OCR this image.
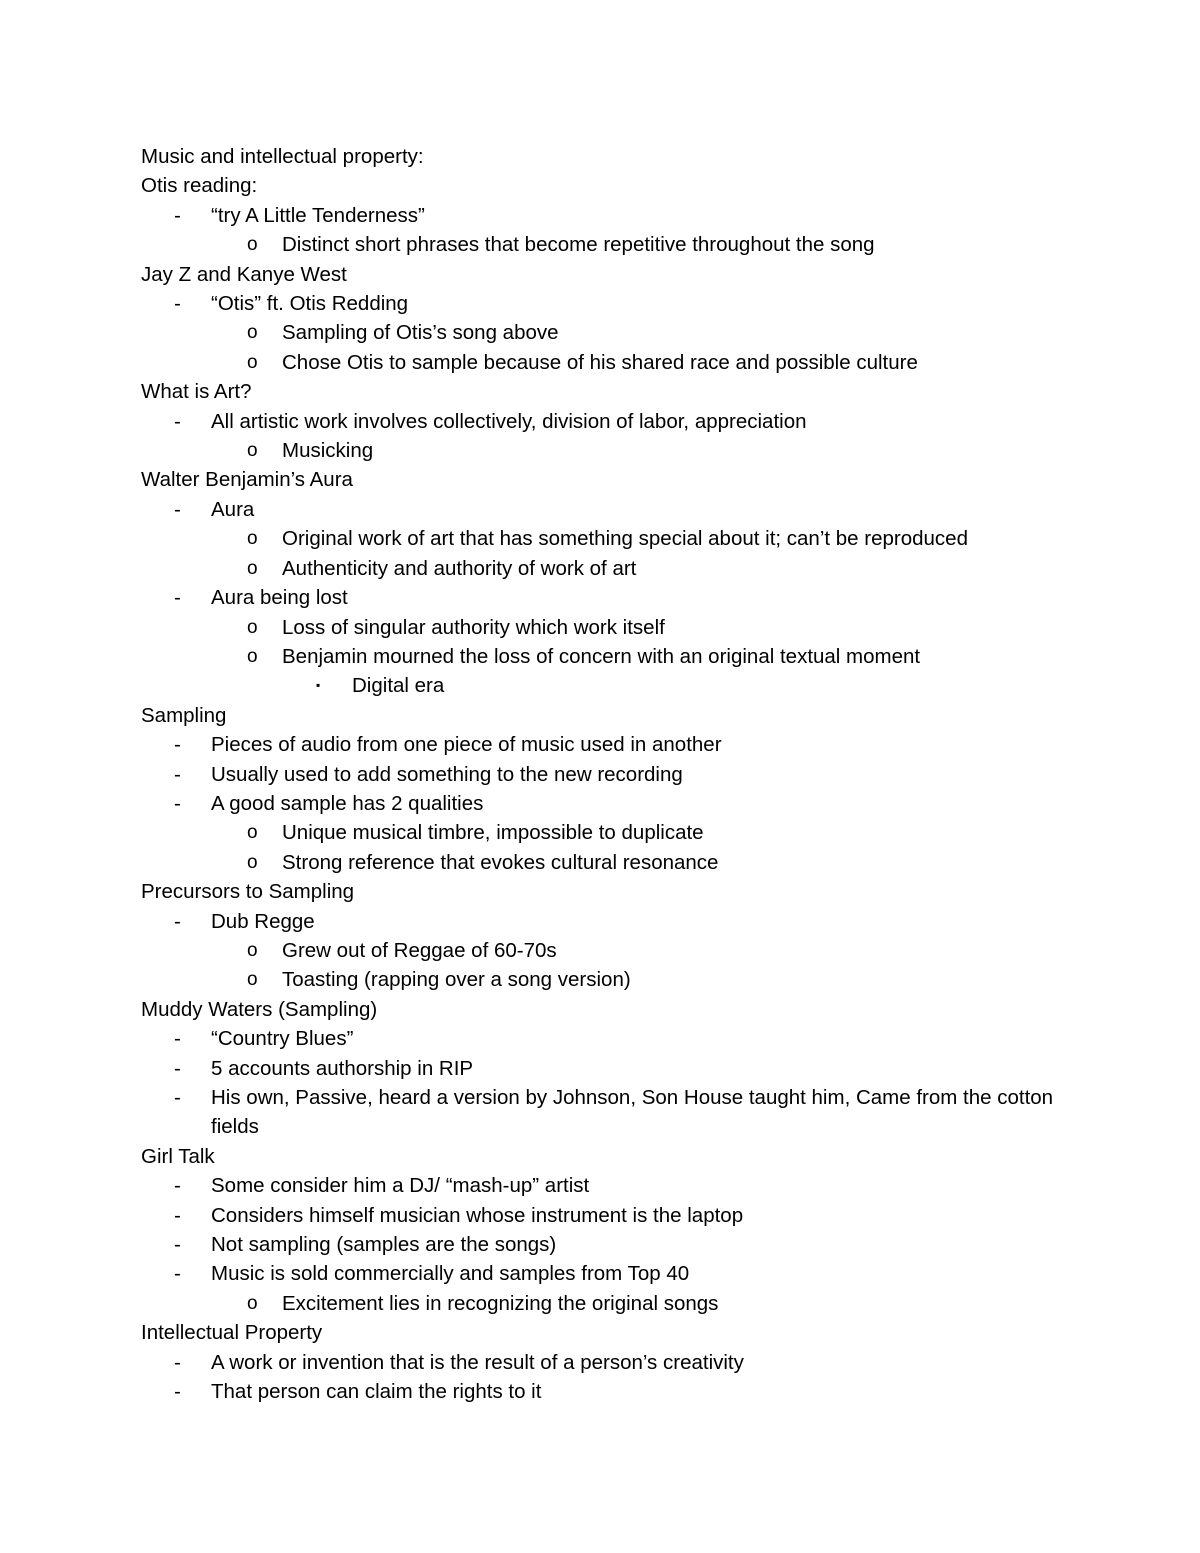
Music and intellectual property:
Otis reading:
- “try A Little Tenderness”
o Distinct short phrases that become repetitive throughout the song
Jay Z and Kanye West
- “Otis” ft. Otis Redding
o Sampling of Otis’s song above
o Chose Otis to sample because of his shared race and possible culture
What is Art?
- All artistic work involves collectively, division of labor, appreciation
o Musicking
Walter Benjamin’s Aura
- Aura
o Original work of art that has something special about it; can’t be reproduced
o Authenticity and authority of work of art
- Aura being lost
o Loss of singular authority which work itself
o Benjamin mourned the loss of concern with an original textual moment
▪ Digital era
Sampling
- Pieces of audio from one piece of music used in another
- Usually used to add something to the new recording
- A good sample has 2 qualities
o Unique musical timbre, impossible to duplicate
o Strong reference that evokes cultural resonance
Precursors to Sampling
- Dub Regge
o Grew out of Reggae of 60-70s
o Toasting (rapping over a song version)
Muddy Waters (Sampling)
- “Country Blues”
- 5 accounts authorship in RIP
- His own, Passive, heard a version by Johnson, Son House taught him, Came from the cotton fields
Girl Talk
- Some consider him a DJ/ “mash-up” artist
- Considers himself musician whose instrument is the laptop
- Not sampling (samples are the songs)
- Music is sold commercially and samples from Top 40
o Excitement lies in recognizing the original songs
Intellectual Property
- A work or invention that is the result of a person’s creativity
- That person can claim the rights to it
